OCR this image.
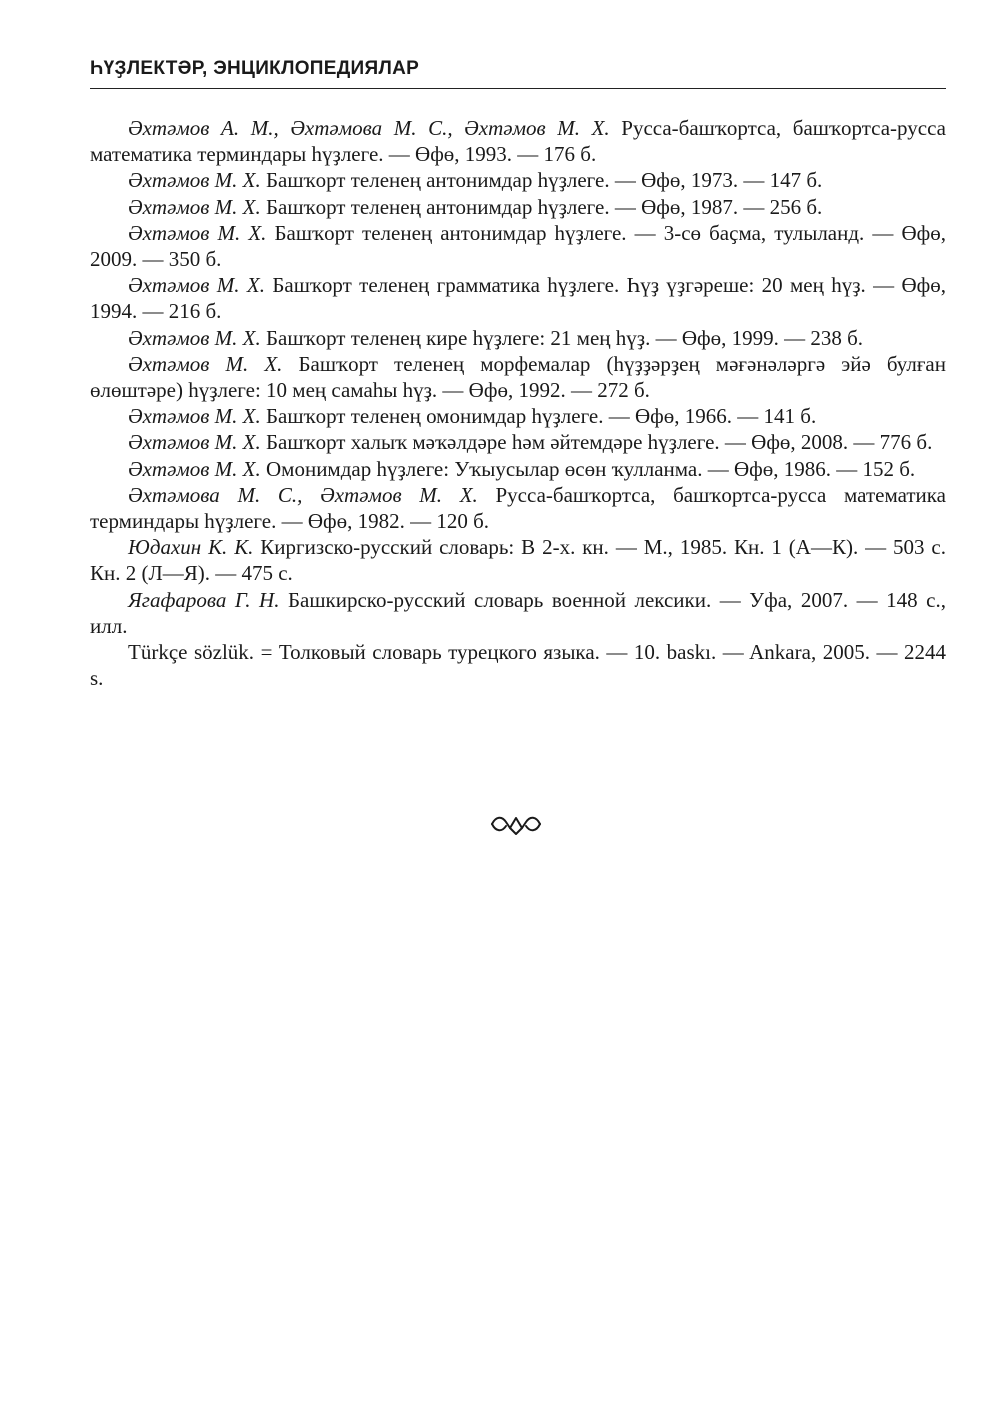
ҺҮҘЛЕКТӘР, ЭНЦИКЛОПЕДИЯЛАР
Әхтәмов А. М., Әхтәмова М. С., Әхтәмов М. Х. Русса-башҡортса, башҡортса-русса математика терминдары һүҙлеге. — Өфө, 1993. — 176 б.
Әхтәмов М. Х. Башҡорт теленең антонимдар һүҙлеге. — Өфө, 1973. — 147 б.
Әхтәмов М. Х. Башҡорт теленең антонимдар һүҙлеге. — Өфө, 1987. — 256 б.
Әхтәмов М. Х. Башҡорт теленең антонимдар һүҙлеге. — 3-сө баҫма, тулыланд. — Өфө, 2009. — 350 б.
Әхтәмов М. Х. Башҡорт теленең грамматика һүҙлеге. Һүҙ үҙгәреше: 20 мең һүҙ. — Өфө, 1994. — 216 б.
Әхтәмов М. Х. Башҡорт теленең кире һүҙлеге: 21 мең һүҙ. — Өфө, 1999. — 238 б.
Әхтәмов М. Х. Башҡорт теленең морфемалар (һүҙҙәрҙең мәғәнәләргә эйә булған өлөштәре) һүҙлеге: 10 мең самаһы һүҙ. — Өфө, 1992. — 272 б.
Әхтәмов М. Х. Башҡорт теленең омонимдар һүҙлеге. — Өфө, 1966. — 141 б.
Әхтәмов М. Х. Башҡорт халыҡ мәҡәлдәре һәм әйтемдәре һүҙлеге. — Өфө, 2008. — 776 б.
Әхтәмов М. Х. Омонимдар һүҙлеге: Уҡыусылар өсөн ҡулланма. — Өфө, 1986. — 152 б.
Әхтәмова М. С., Әхтәмов М. Х. Русса-башҡортса, башҡортса-русса математика терминдары һүҙлеге. — Өфө, 1982. — 120 б.
Юдахин К. К. Киргизско-русский словарь: В 2-х. кн. — М., 1985. Кн. 1 (А—К). — 503 с. Кн. 2 (Л—Я). — 475 с.
Ягафарова Г. Н. Башкирско-русский словарь военной лексики. — Уфа, 2007. — 148 с., илл.
Türkçe sözlük. = Толковый словарь турецкого языка. — 10. baskı. — Ankara, 2005. — 2244 s.
